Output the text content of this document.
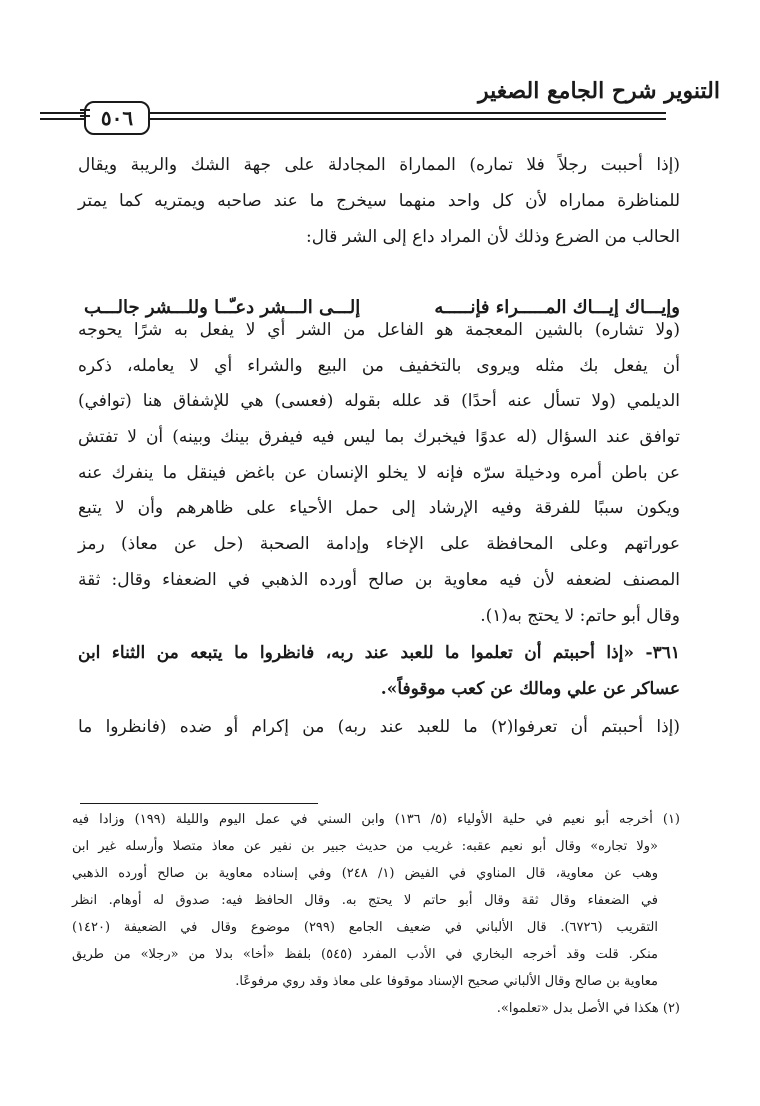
التنوير شرح الجامع الصغير
٥٠٦
(إذا أحببت رجلاً فلا تماره) المماراة المجادلة على جهة الشك والريبة ويقال
للمناظرة مماراه لأن كل واحد منهما سيخرج ما عند صاحبه ويمتريه كما يمتر
الحالب من الضرع وذلك لأن المراد داع إلى الشر قال:
وإيـــاك إيـــاك المـــــراء فإنـــــه
إلـــى الـــشر دعـّــا وللـــشر جالـــب
(ولا تشاره) بالشين المعجمة هو الفاعل من الشر أي لا يفعل به شرًا يحوجه
أن يفعل بك مثله ويروى بالتخفيف من البيع والشراء أي لا يعامله، ذكره
الديلمي (ولا تسأل عنه أحدًا) قد علله بقوله (فعسى) هي للإشفاق هنا (توافي)
توافق عند السؤال (له عدوًا فيخبرك بما ليس فيه فيفرق بينك وبينه) أن لا تفتش
عن باطن أمره ودخيلة سرّه فإنه لا يخلو الإنسان عن باغض فينقل ما ينفرك عنه
ويكون سببًا للفرقة وفيه الإرشاد إلى حمل الأحياء على ظاهرهم وأن لا يتبع
عوراتهم وعلى المحافظة على الإخاء وإدامة الصحبة (حل عن معاذ) رمز
المصنف لضعفه لأن فيه معاوية بن صالح أورده الذهبي في الضعفاء وقال: ثقة
وقال أبو حاتم: لا يحتج به(١).
٣٦١- «إذا أحببتم أن تعلموا ما للعبد عند ربه، فانظروا ما يتبعه من الثناء ابن
عساكر عن علي ومالك عن كعب موقوفاً».
(إذا أحببتم أن تعرفوا(٢) ما للعبد عند ربه) من إكرام أو ضده (فانظروا ما
(١) أخرجه أبو نعيم في حلية الأولياء (٥/ ١٣٦) وابن السني في عمل اليوم والليلة (١٩٩) وزادا فيه
«ولا تجاره» وقال أبو نعيم عقبه: غريب من حديث جبير بن نفير عن معاذ متصلا وأرسله غير ابن
وهب عن معاوية، قال المناوي في الفيض (١/ ٢٤٨) وفي إسناده معاوية بن صالح أورده الذهبي
في الضعفاء وقال ثقة وقال أبو حاتم لا يحتج به. وقال الحافظ فيه: صدوق له أوهام. انظر
التقريب (٦٧٢٦). قال الألباني في ضعيف الجامع (٢٩٩) موضوع وقال في الضعيفة (١٤٢٠)
منكر. قلت وقد أخرجه البخاري في الأدب المفرد (٥٤٥) بلفظ «أخا» بدلا من «رجلا» من طريق
معاوية بن صالح وقال الألباني صحيح الإسناد موقوفا على معاذ وقد روي مرفوعًا.
(٢) هكذا في الأصل بدل «تعلموا».
